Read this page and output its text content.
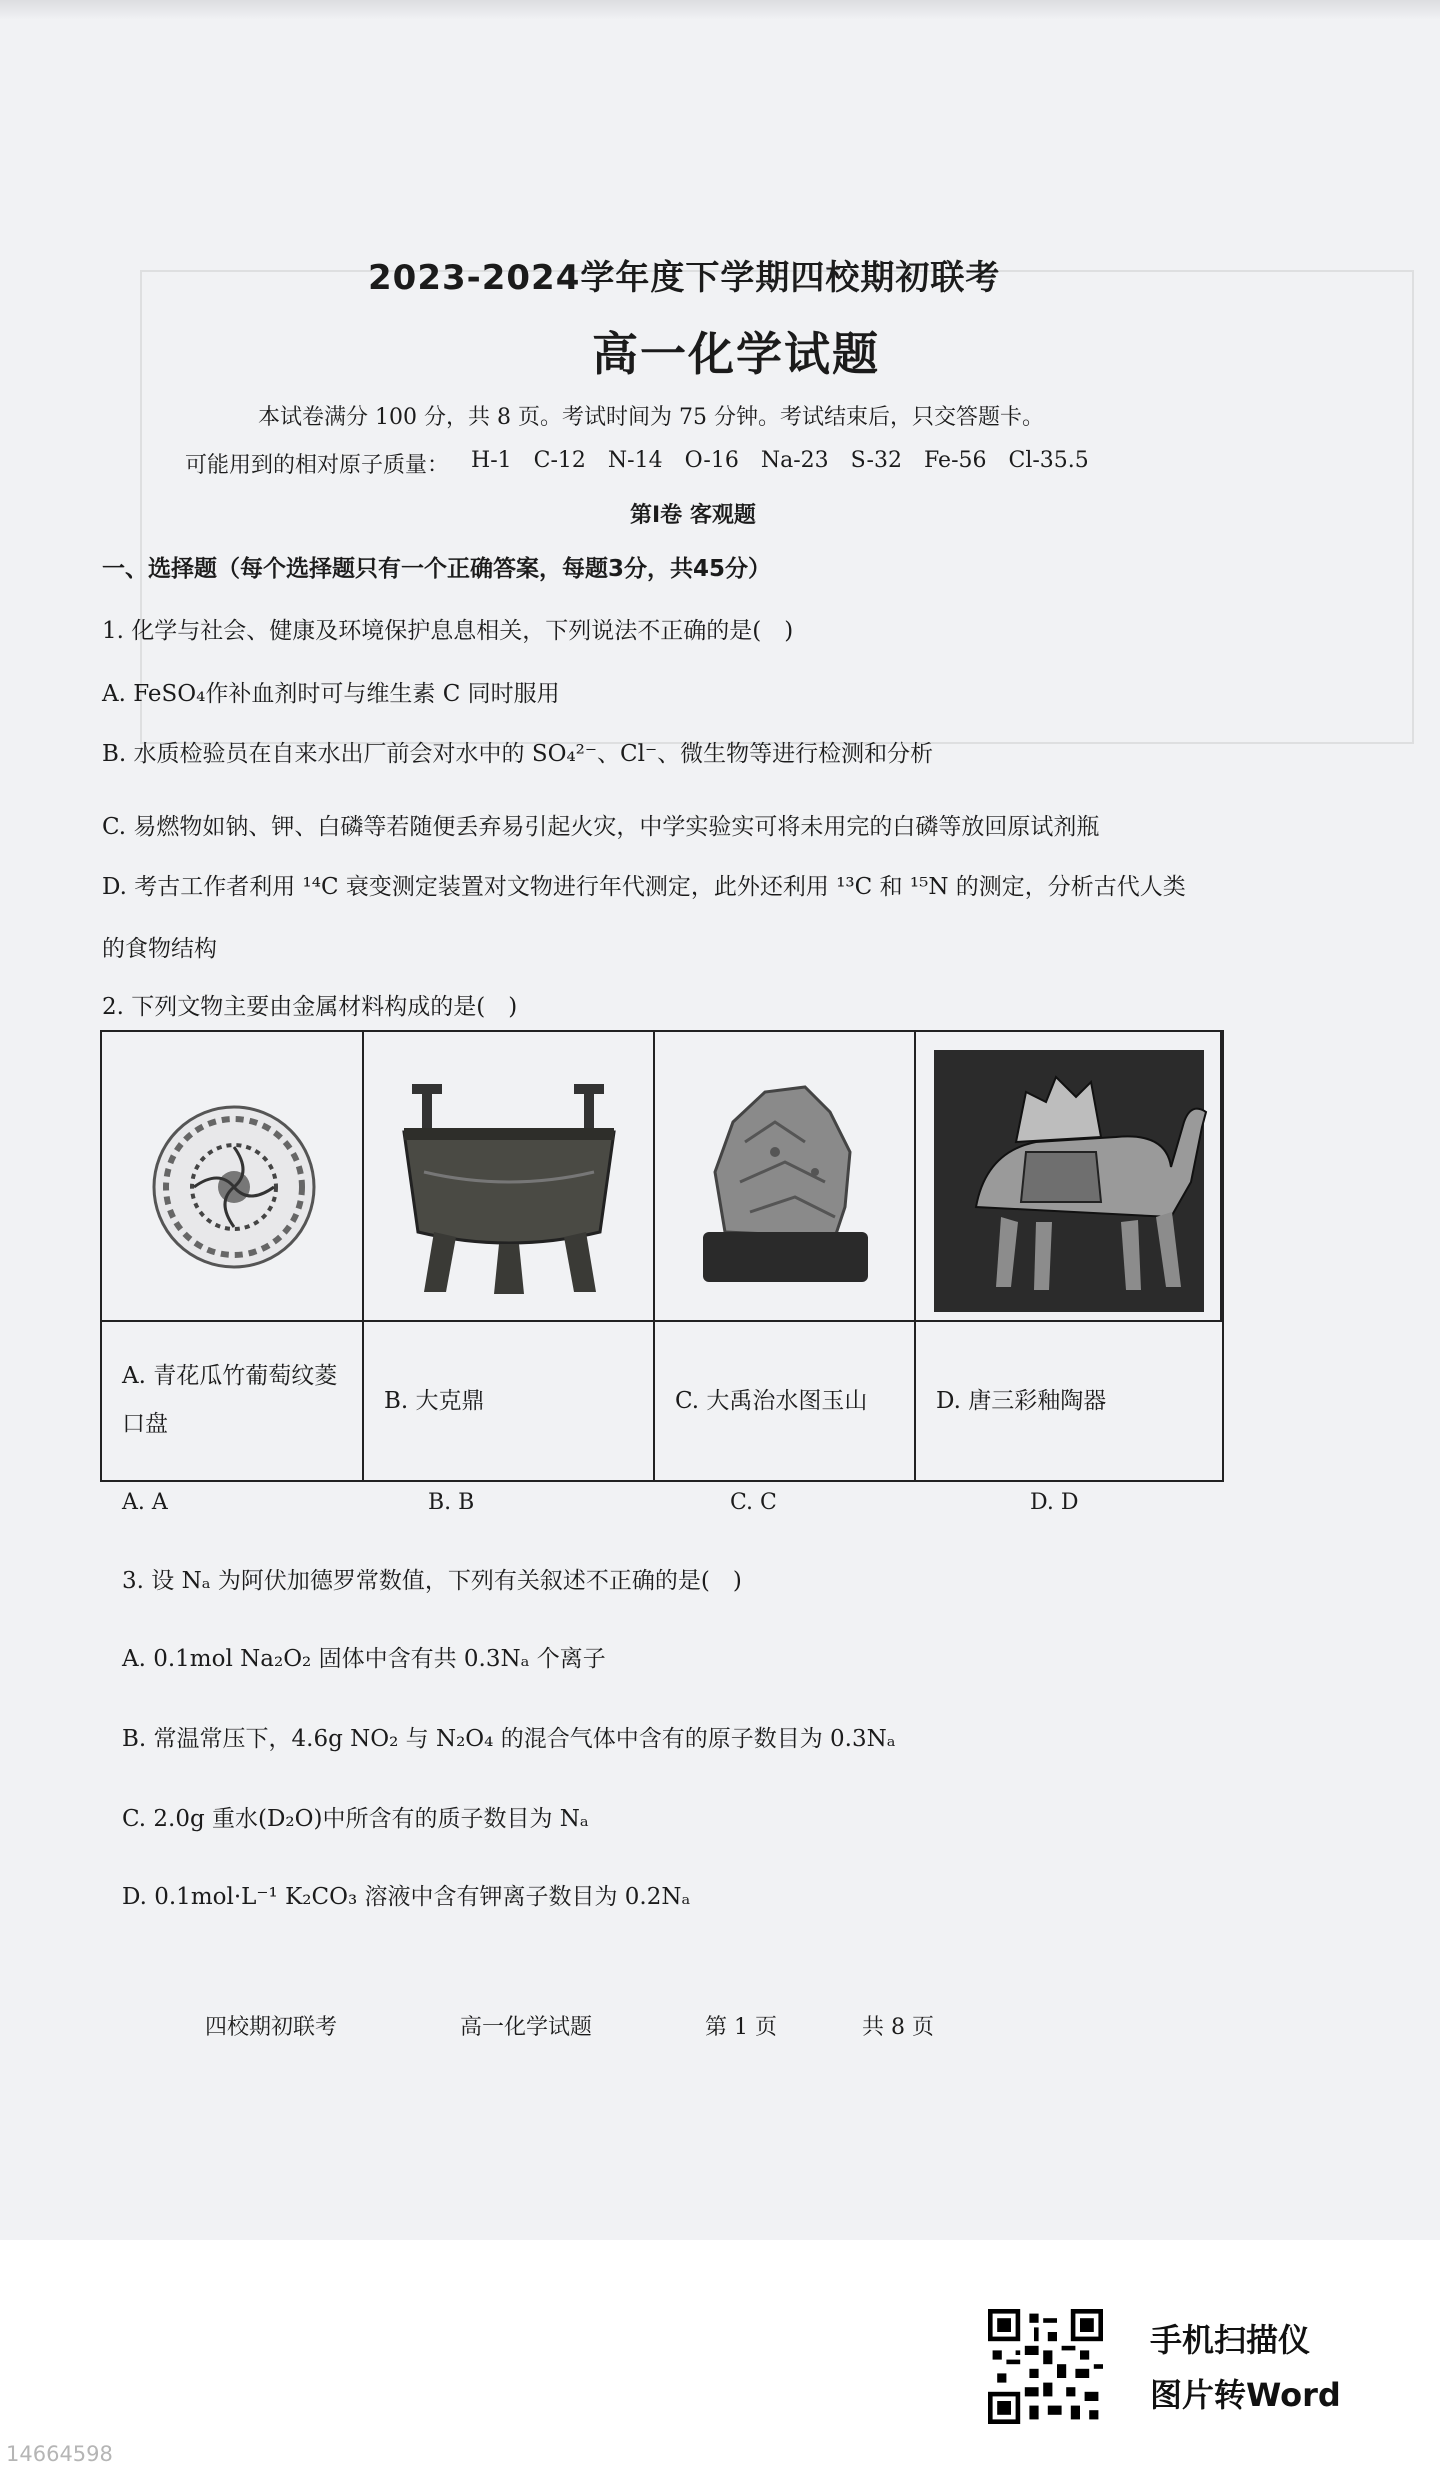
2023-2024学年度下学期四校期初联考
高一化学试题
本试卷满分 100 分，共 8 页。考试时间为 75 分钟。考试结束后，只交答题卡。
可能用到的相对原子质量： H-1 C-12 N-14 O-16 Na-23 S-32 Fe-56 Cl-35.5
第Ⅰ卷 客观题
一、选择题（每个选择题只有一个正确答案，每题3分，共45分）
1. 化学与社会、健康及环境保护息息相关，下列说法不正确的是(　)
A. FeSO₄作补血剂时可与维生素 C 同时服用
B. 水质检验员在自来水出厂前会对水中的 SO₄²⁻、Cl⁻、微生物等进行检测和分析
C. 易燃物如钠、钾、白磷等若随便丢弃易引起火灾，中学实验实可将未用完的白磷等放回原试剂瓶
D. 考古工作者利用 ¹⁴C 衰变测定装置对文物进行年代测定，此外还利用 ¹³C 和 ¹⁵N 的测定，分析古代人类
的食物结构
2. 下列文物主要由金属材料构成的是(　)
A. 青花瓜竹葡萄纹菱口盘
B. 大克鼎	C. 大禹治水图玉山	D. 唐三彩釉陶器
A. A	B. B	C. C	D. D
3. 设 Nₐ 为阿伏加德罗常数值，下列有关叙述不正确的是(　)
A. 0.1mol Na₂O₂ 固体中含有共 0.3Nₐ 个离子
B. 常温常压下，4.6g NO₂ 与 N₂O₄ 的混合气体中含有的原子数目为 0.3Nₐ
C. 2.0g 重水(D₂O)中所含有的质子数目为 Nₐ
D. 0.1mol·L⁻¹ K₂CO₃ 溶液中含有钾离子数目为 0.2Nₐ
四校期初联考	高一化学试题	第 1 页	共 8 页
手机扫描仪
图片转Word
14664598
